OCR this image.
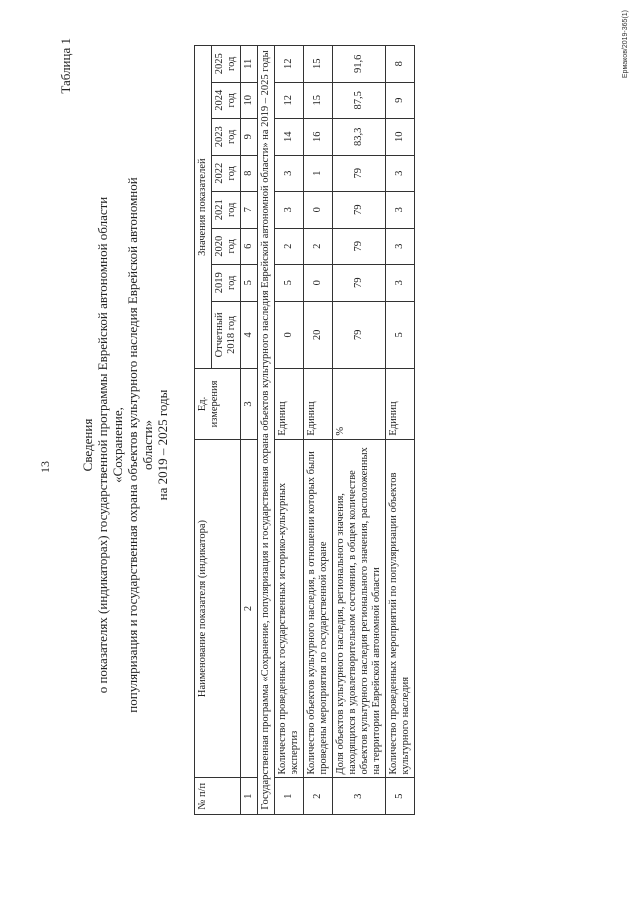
13
Таблица 1
Сведения о показателях (индикаторах) государственной программы Еврейской автономной области «Сохранение, популяризация и государственная охрана объектов культурного наследия Еврейской автономной области» на 2019 – 2025 годы
№ п/п	Наименование показателя (индикатора)	Ед. измерения	Значения показателей							
			Отчетный 2018 год	2019 год	2020 год	2021 год	2022 год	2023 год	2024 год	2025 год
1	2	3	4	5	6	7	8	9	10	11
Государственная программа «Сохранение, популяризация и государственная охрана объектов культурного наследия Еврейской автономной области» на 2019 – 2025 годы										
1	Количество проведенных государственных историко-культурных экспертиз	Единиц	0	5	2	3	3	14	12	12
2	Количество объектов культурного наследия, в отношении которых были проведены мероприятия по государственной охране	Единиц	20	0	2	0	1	16	15	15
3	Доля объектов культурного наследия, регионального значения, находящихся в удовлетворительном состоянии, в общем количестве объектов культурного наследия регионального значения, расположенных на территории Еврейской автономной области	%	79	79	79	79	79	83,3	87,5	91,6
5	Количество проведенных мероприятий по популяризации объектов культурного наследия	Единиц	5	3	3	3	3	10	9	8	Ермаков/2019-365(1)
